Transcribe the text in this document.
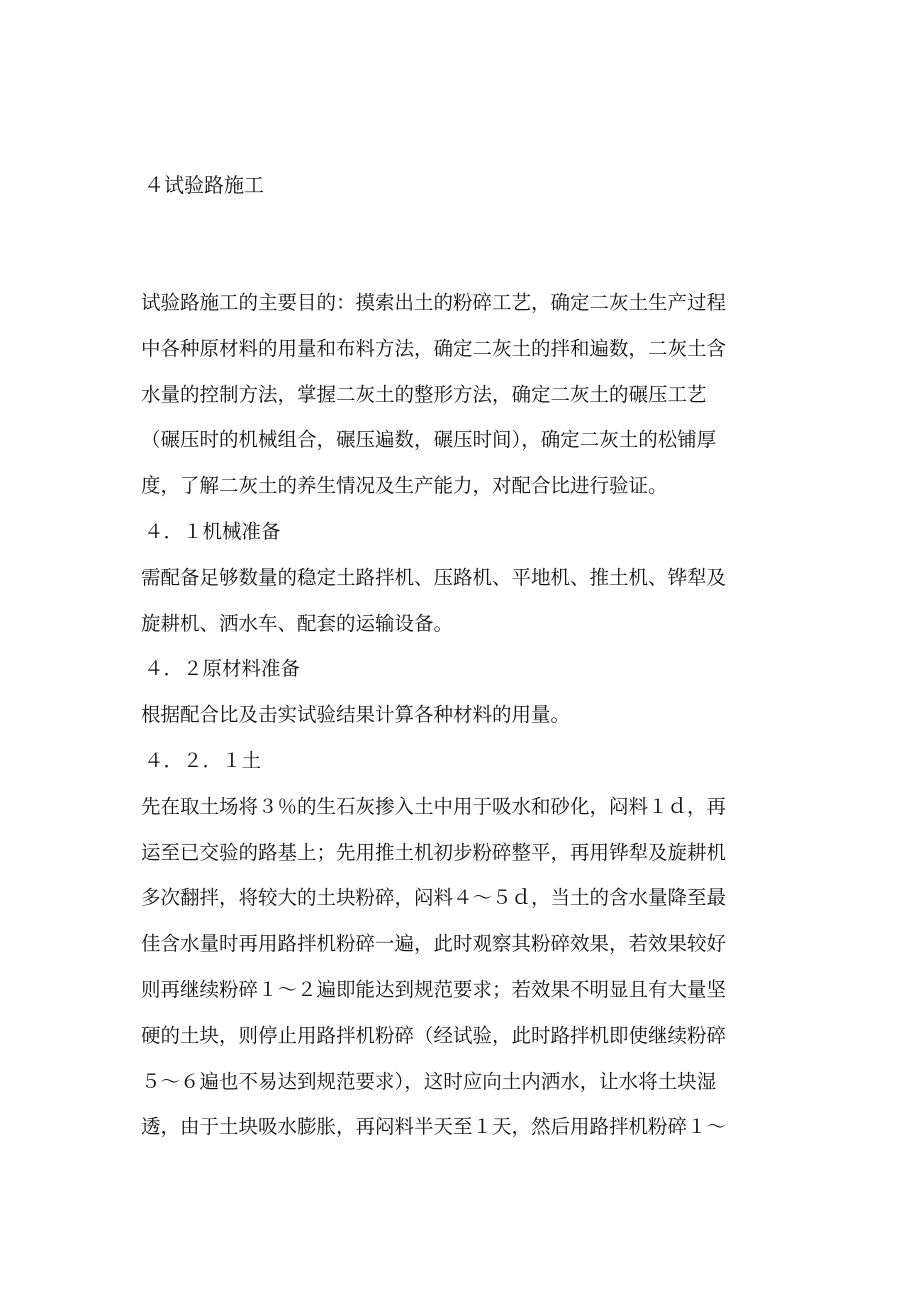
４试验路施工
试验路施工的主要目的：摸索出土的粉碎工艺，确定二灰土生产过程
中各种原材料的用量和布料方法，确定二灰土的拌和遍数，二灰土含
水量的控制方法，掌握二灰土的整形方法，确定二灰土的碾压工艺
（碾压时的机械组合，碾压遍数，碾压时间），确定二灰土的松铺厚
度，了解二灰土的养生情况及生产能力，对配合比进行验证。
４．１机械准备
需配备足够数量的稳定土路拌机、压路机、平地机、推土机、铧犁及
旋耕机、洒水车、配套的运输设备。
４．２原材料准备
根据配合比及击实试验结果计算各种材料的用量。
４．２．１土
先在取土场将３％的生石灰掺入土中用于吸水和砂化，闷料１ｄ，再
运至已交验的路基上；先用推土机初步粉碎整平，再用铧犁及旋耕机
多次翻拌，将较大的土块粉碎，闷料４～５ｄ，当土的含水量降至最
佳含水量时再用路拌机粉碎一遍，此时观察其粉碎效果，若效果较好
则再继续粉碎１～２遍即能达到规范要求；若效果不明显且有大量坚
硬的土块，则停止用路拌机粉碎（经试验，此时路拌机即使继续粉碎
５～６遍也不易达到规范要求），这时应向土内洒水，让水将土块湿
透，由于土块吸水膨胀，再闷料半天至１天，然后用路拌机粉碎１～
